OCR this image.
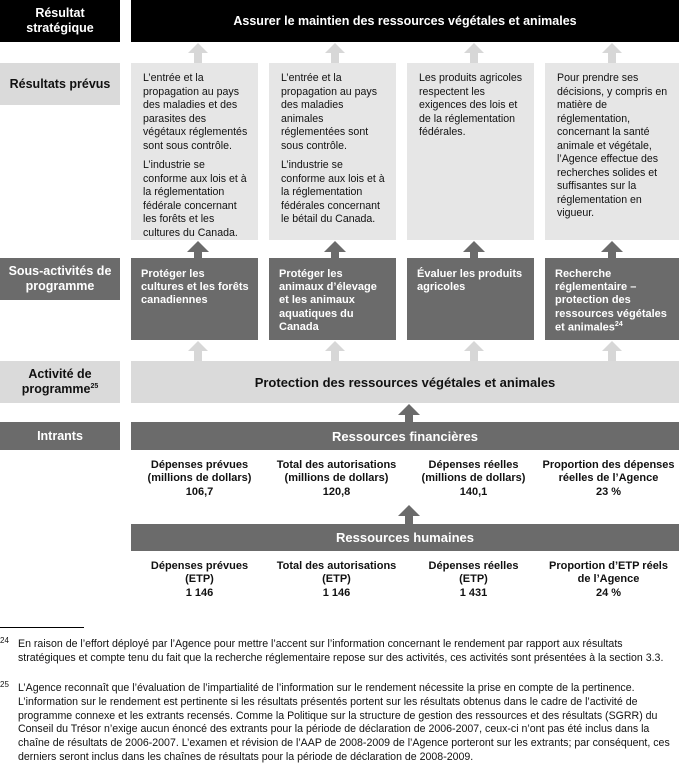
Résultat stratégique
Résultats prévus
Sous-activités de programme
Activité de programme$^{25}$
Intrants
Assurer le maintien des ressources végétales et animales

L’entrée et la propagation au pays des maladies et des parasites des végétaux réglementés sont sous contrôle.

L’industrie se conforme aux lois et à la réglementation fédérale concernant les forêts et les cultures du Canada.

L’entrée et la propagation au pays des maladies animales réglementées sont sous contrôle.

L’industrie se conforme aux lois et à la réglementation fédérales concernant le bétail du Canada.

Les produits agricoles respectent les exigences des lois et de la réglementation fédérales.

Pour prendre ses décisions, y compris en matière de réglementation, concernant la santé animale et végétale, l’Agence effectue des recherches solides et suffisantes sur la réglementation en vigueur.

Protéger les cultures et les forêts canadiennes
Protéger les animaux d’élevage et les animaux aquatiques du Canada
Évaluer les produits agricoles
Recherche réglementaire – protection des ressources végétales et animales$^{24}$
Protection des ressources végétales et animales
Ressources financières
Dépenses prévues
(millions de dollars)
106,7
Total des autorisations
(millions de dollars)
120,8
Dépenses réelles
(millions de dollars)
140,1
Proportion des dépenses
réelles de l’Agence
23 %
Ressources humaines
Dépenses prévues
(ETP)
1 146
Total des autorisations
(ETP)
1 146
Dépenses réelles
(ETP)
1 431
Proportion d’ETP réels
de l’Agence
24 %
24 En raison de l’effort déployé par l’Agence pour mettre l’accent sur l’information concernant le rendement par rapport aux résultats stratégiques et compte tenu du fait que la recherche réglementaire repose sur des activités, ces activités sont présentées à la section 3.3.
25 L’Agence reconnaît que l’évaluation de l’impartialité de l’information sur le rendement nécessite la prise en compte de la pertinence. L’information sur le rendement est pertinente si les résultats présentés portent sur les résultats obtenus dans le cadre de l’activité de programme connexe et les extrants recensés. Comme la Politique sur la structure de gestion des ressources et des résultats (SGRR) du Conseil du Trésor n’exige aucun énoncé des extrants pour la période de déclaration de 2006-2007, ceux-ci n’ont pas été inclus dans la chaîne de résultats de 2006-2007. L’examen et révision de l’AAP de 2008-2009 de l’Agence porteront sur les extrants; par conséquent, ces derniers seront inclus dans les chaînes de résultats pour la période de déclaration de 2008-2009.
